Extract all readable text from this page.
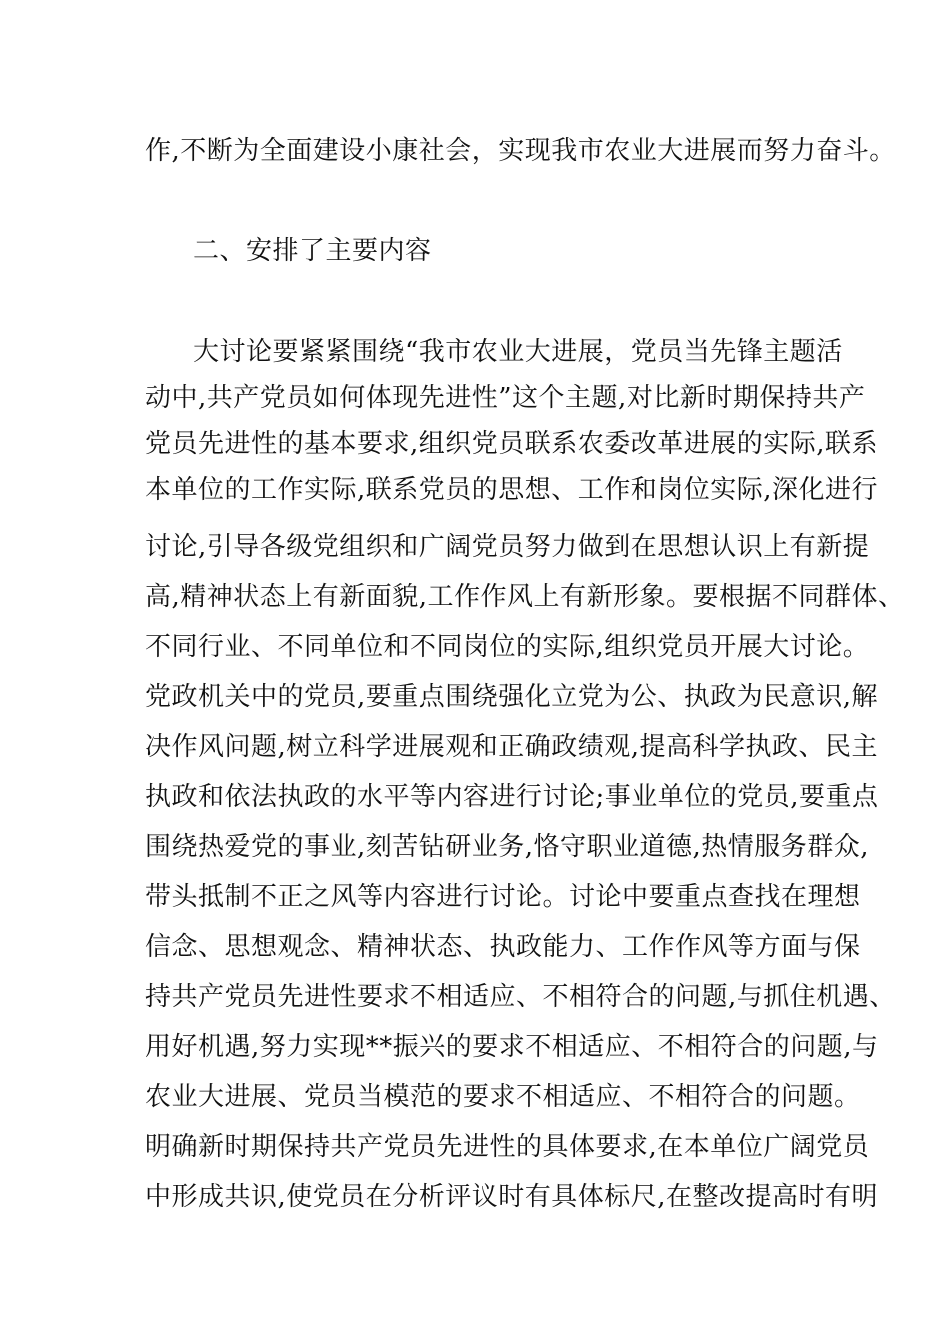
作,不断为全面建设小康社会，实现我市农业大进展而努力奋斗。
二、安排了主要内容
大讨论要紧紧围绕“我市农业大进展，党员当先锋主题活
动中,共产党员如何体现先进性”这个主题,对比新时期保持共产
党员先进性的基本要求,组织党员联系农委改革进展的实际,联系
本单位的工作实际,联系党员的思想、工作和岗位实际,深化进行
讨论,引导各级党组织和广阔党员努力做到在思想认识上有新提
高,精神状态上有新面貌,工作作风上有新形象。要根据不同群体、
不同行业、不同单位和不同岗位的实际,组织党员开展大讨论。
党政机关中的党员,要重点围绕强化立党为公、执政为民意识,解
决作风问题,树立科学进展观和正确政绩观,提高科学执政、民主
执政和依法执政的水平等内容进行讨论;事业单位的党员,要重点
围绕热爱党的事业,刻苦钻研业务,恪守职业道德,热情服务群众,
带头抵制不正之风等内容进行讨论。讨论中要重点查找在理想
信念、思想观念、精神状态、执政能力、工作作风等方面与保
持共产党员先进性要求不相适应、不相符合的问题,与抓住机遇、
用好机遇,努力实现**振兴的要求不相适应、不相符合的问题,与
农业大进展、党员当模范的要求不相适应、不相符合的问题。
明确新时期保持共产党员先进性的具体要求,在本单位广阔党员
中形成共识,使党员在分析评议时有具体标尺,在整改提高时有明
